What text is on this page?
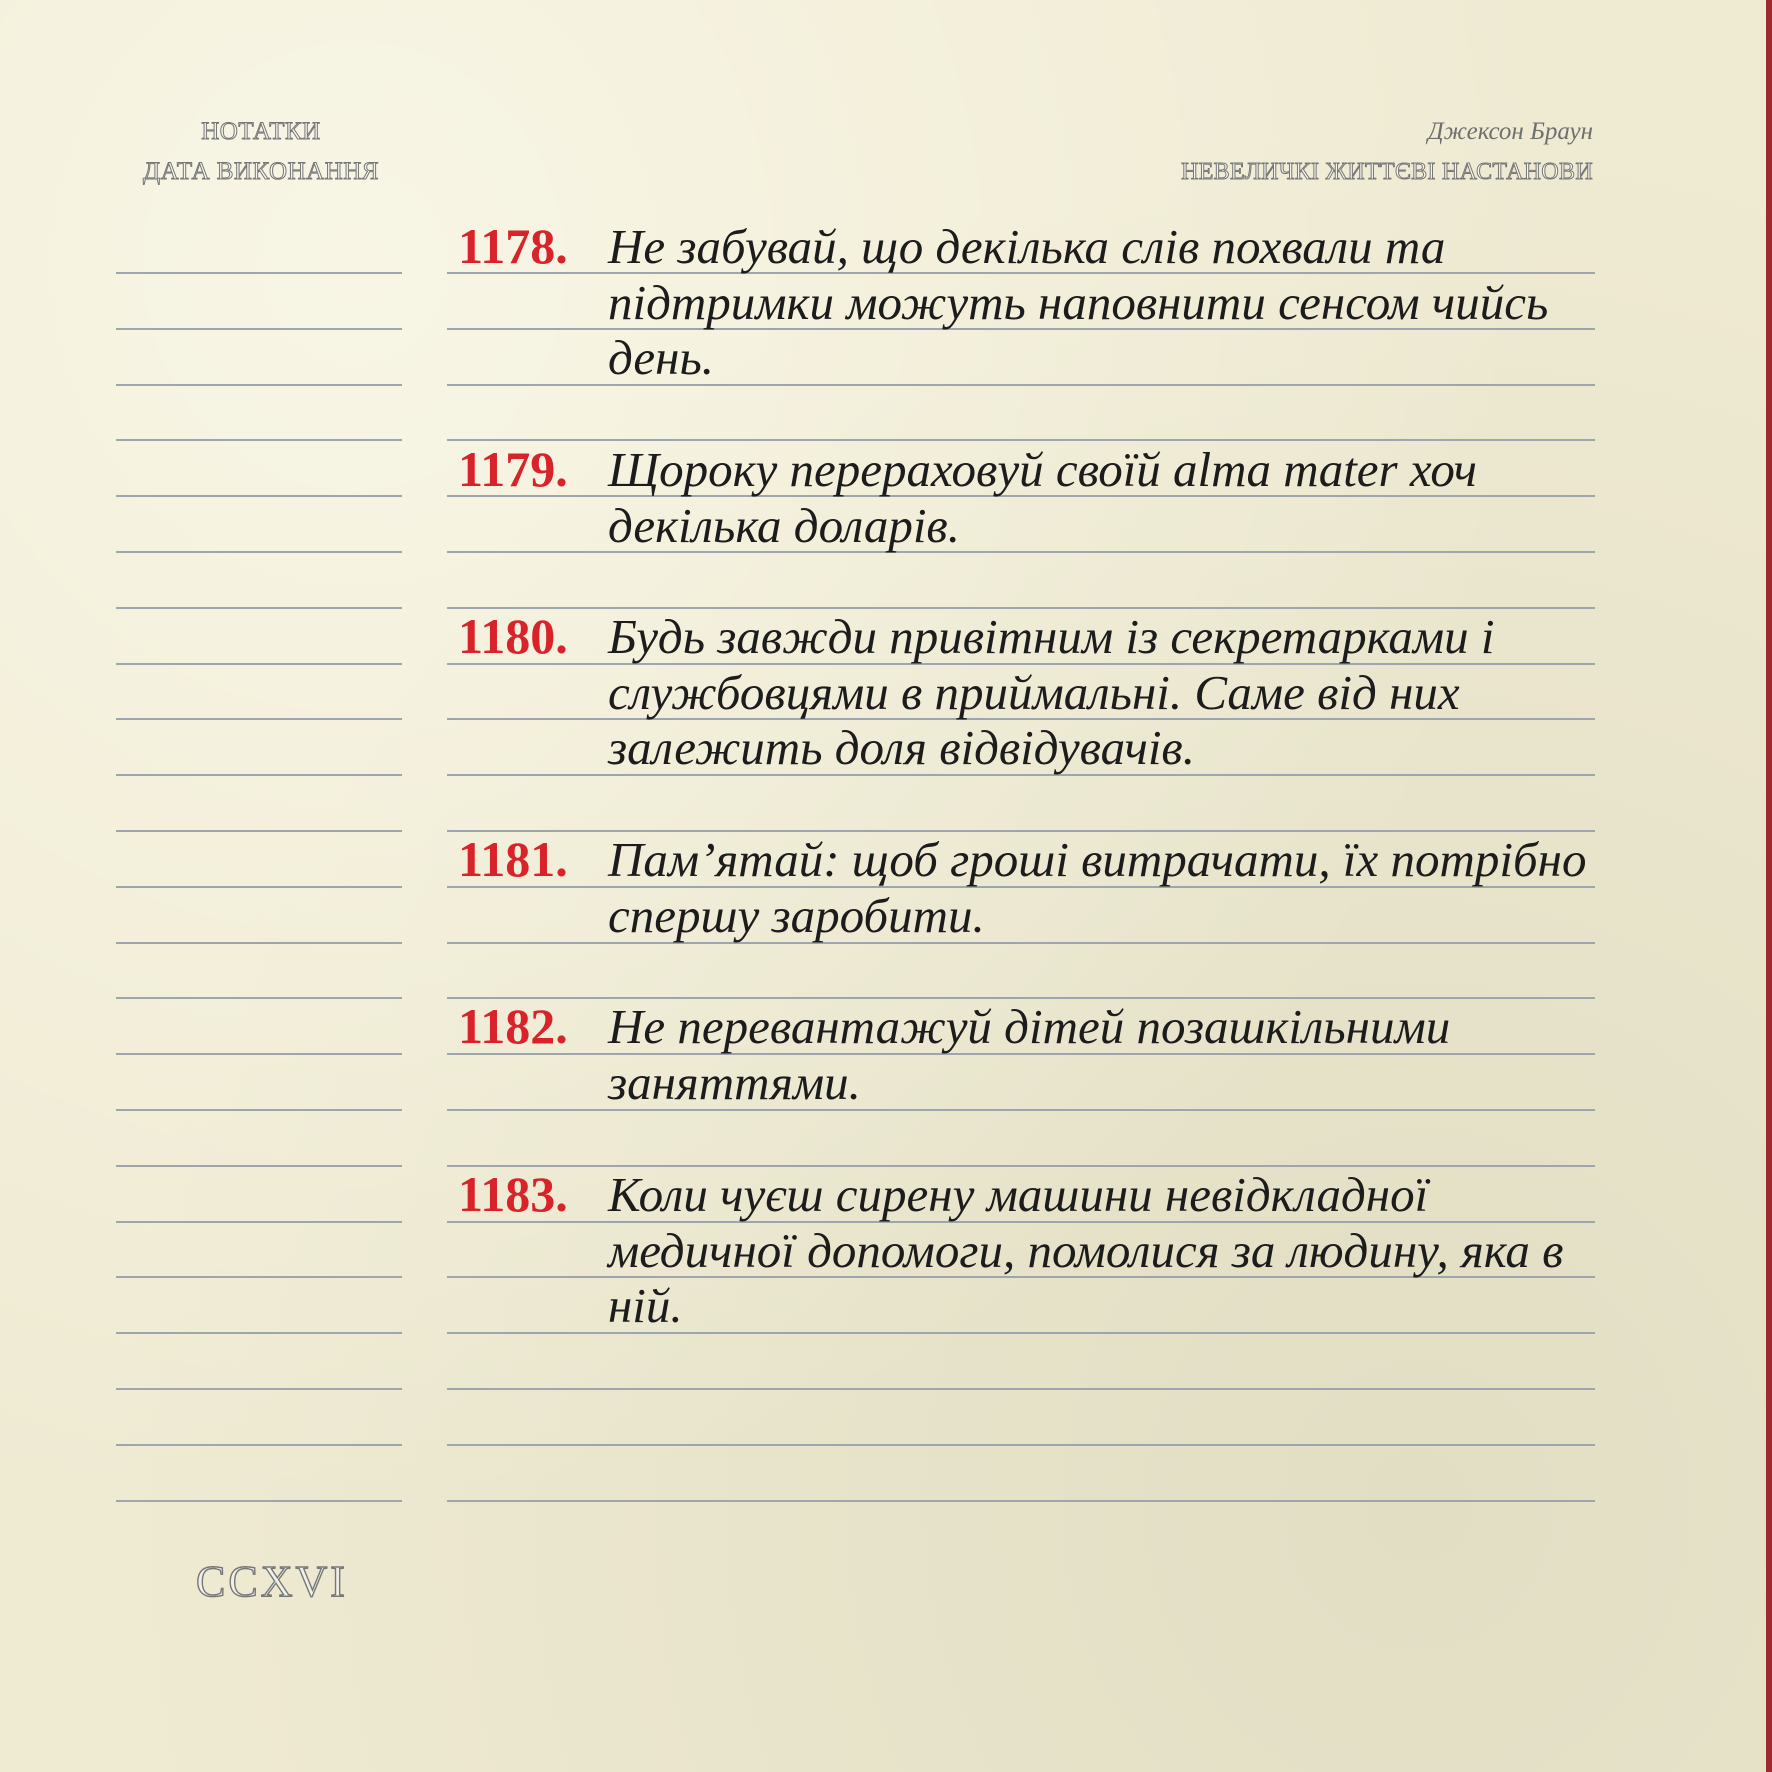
НОТАТКИ
ДАТА ВИКОНАННЯ
Джексон Браун
НЕВЕЛИЧКІ ЖИТТЄВІ НАСТАНОВИ
1178. Не забувай, що декілька слів похвали та підтримки можуть наповнити сенсом чийсь день.
1179. Щороку перераховуй своїй alma mater хоч декілька доларів.
1180. Будь завжди привітним із секретарками і службовцями в приймальні. Саме від них залежить доля відвідувачів.
1181. Пам’ятай: щоб гроші витрачати, їх потрібно спершу заробити.
1182. Не перевантажуй дітей позашкільними заняттями.
1183. Коли чуєш сирену машини невідкладної медичної допомоги, помолися за людину, яка в ній.
CCXVI
